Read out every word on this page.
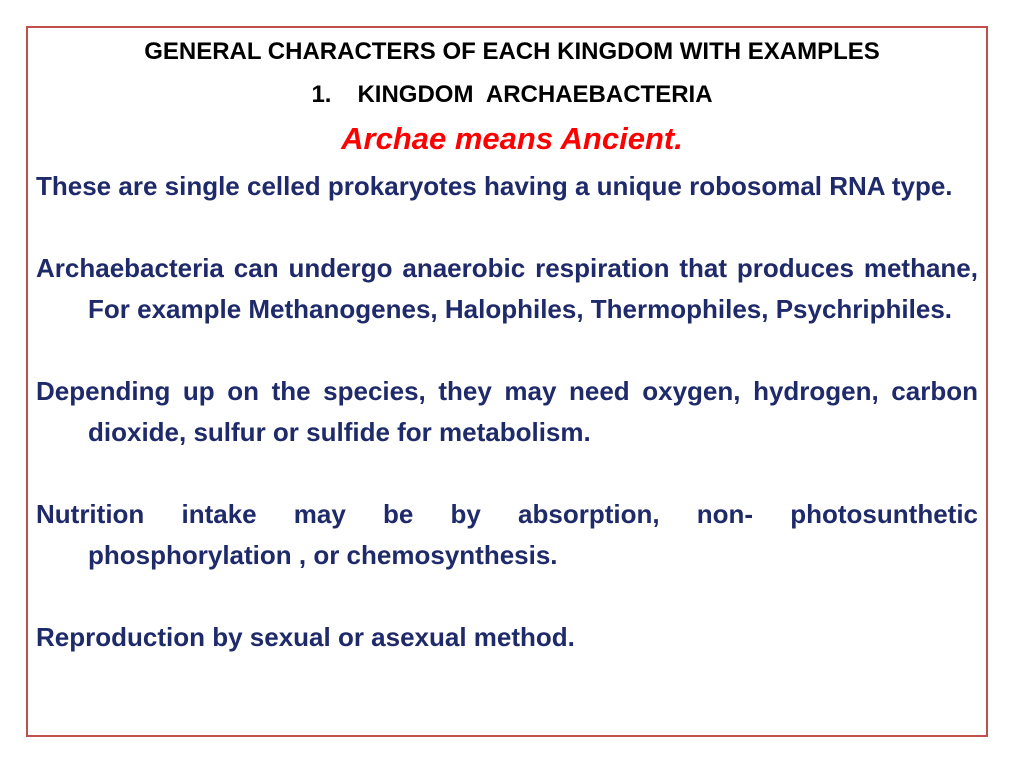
GENERAL CHARACTERS OF EACH KINGDOM WITH EXAMPLES
1. KINGDOM  ARCHAEBACTERIA
Archae means Ancient.

These are single celled prokaryotes having a unique robosomal RNA type.

Archaebacteria can undergo anaerobic respiration that produces methane, For example Methanogenes, Halophiles, Thermophiles, Psychriphiles.

Depending up on the species, they may need oxygen, hydrogen, carbon dioxide, sulfur or sulfide for metabolism.

Nutrition intake may be by absorption, non- photosunthetic phosphorylation , or chemosynthesis.

Reproduction by sexual or asexual method.
